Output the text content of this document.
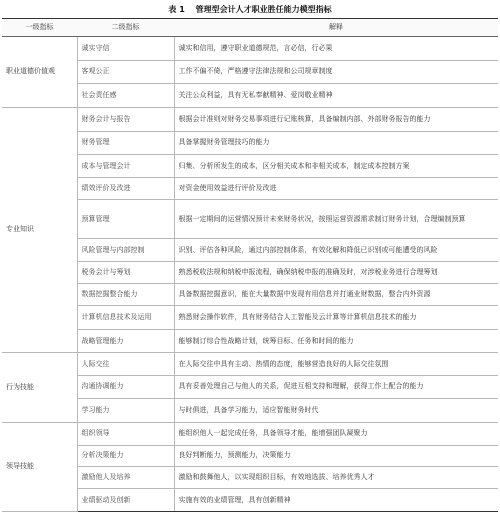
表 1 管理型会计人才职业胜任能力模型指标
一级指标	二级指标	解释
职业道德价值观	诚实守信	诚实和信用，遵守职业道德规范，言必信，行必果
	客观公正	工作不偏不倚，严格遵守法律法规和公司规章制度
	社会责任感	关注公众利益，具有无私奉献精神、爱岗敬业精神
专业知识	财务会计与报告	根据会计准则对财务交易事项进行记账核算，具备编制内部、外部财务报告的能力
	财务管理	具备掌握财务管理技巧的能力
	成本与管理会计	归集、分析所发生的成本，区分相关成本和非相关成本，制定成本控制方案
	绩效评价及改进	对资金使用效益进行评价及改进
	预算管理	根据一定期间的运营情况预计未来财务状况，按照运营资源需求制订财务计划，合理编制预算
	风险管理与内部控制	识别、评估各种风险，通过内部控制体系，有效化解和降低已识别或可能遭受的风险
	税务会计与筹划	熟悉税收法规和纳税申报流程，确保纳税申报的准确及时，对涉税业务进行合理筹划
	数据挖掘整合能力	具备数据挖掘意识，能在大量数据中发现有用信息并打通业财数据，整合内外资源
	计算机信息技术及运用	熟悉财会操作软件，具有财务结合人工智能及云计算等计算机信息技术的能力
	战略管理能力	能够制订综合性战略计划，统筹目标、任务和时间的能力
行为技能	人际交往	在人际交往中具有主动、热情的态度，能够营造良好的人际交往氛围
	沟通协调能力	具有妥善处理自己与他人的关系，促进互相支持和理解，获得工作上配合的能力
	学习能力	与时俱进，具备学习能力，适应智能财务时代
领导技能	组织领导	能组织他人一起完成任务，具备领导才能，能增强团队凝聚力
	分析决策能力	良好判断能力，预测能力，决策能力
	激励他人及培养	激励和鼓舞他人，以实现组织目标，有效地选拔、培养优秀人才
	业绩驱动及创新	实施有效的业绩管理，具有创新精神
